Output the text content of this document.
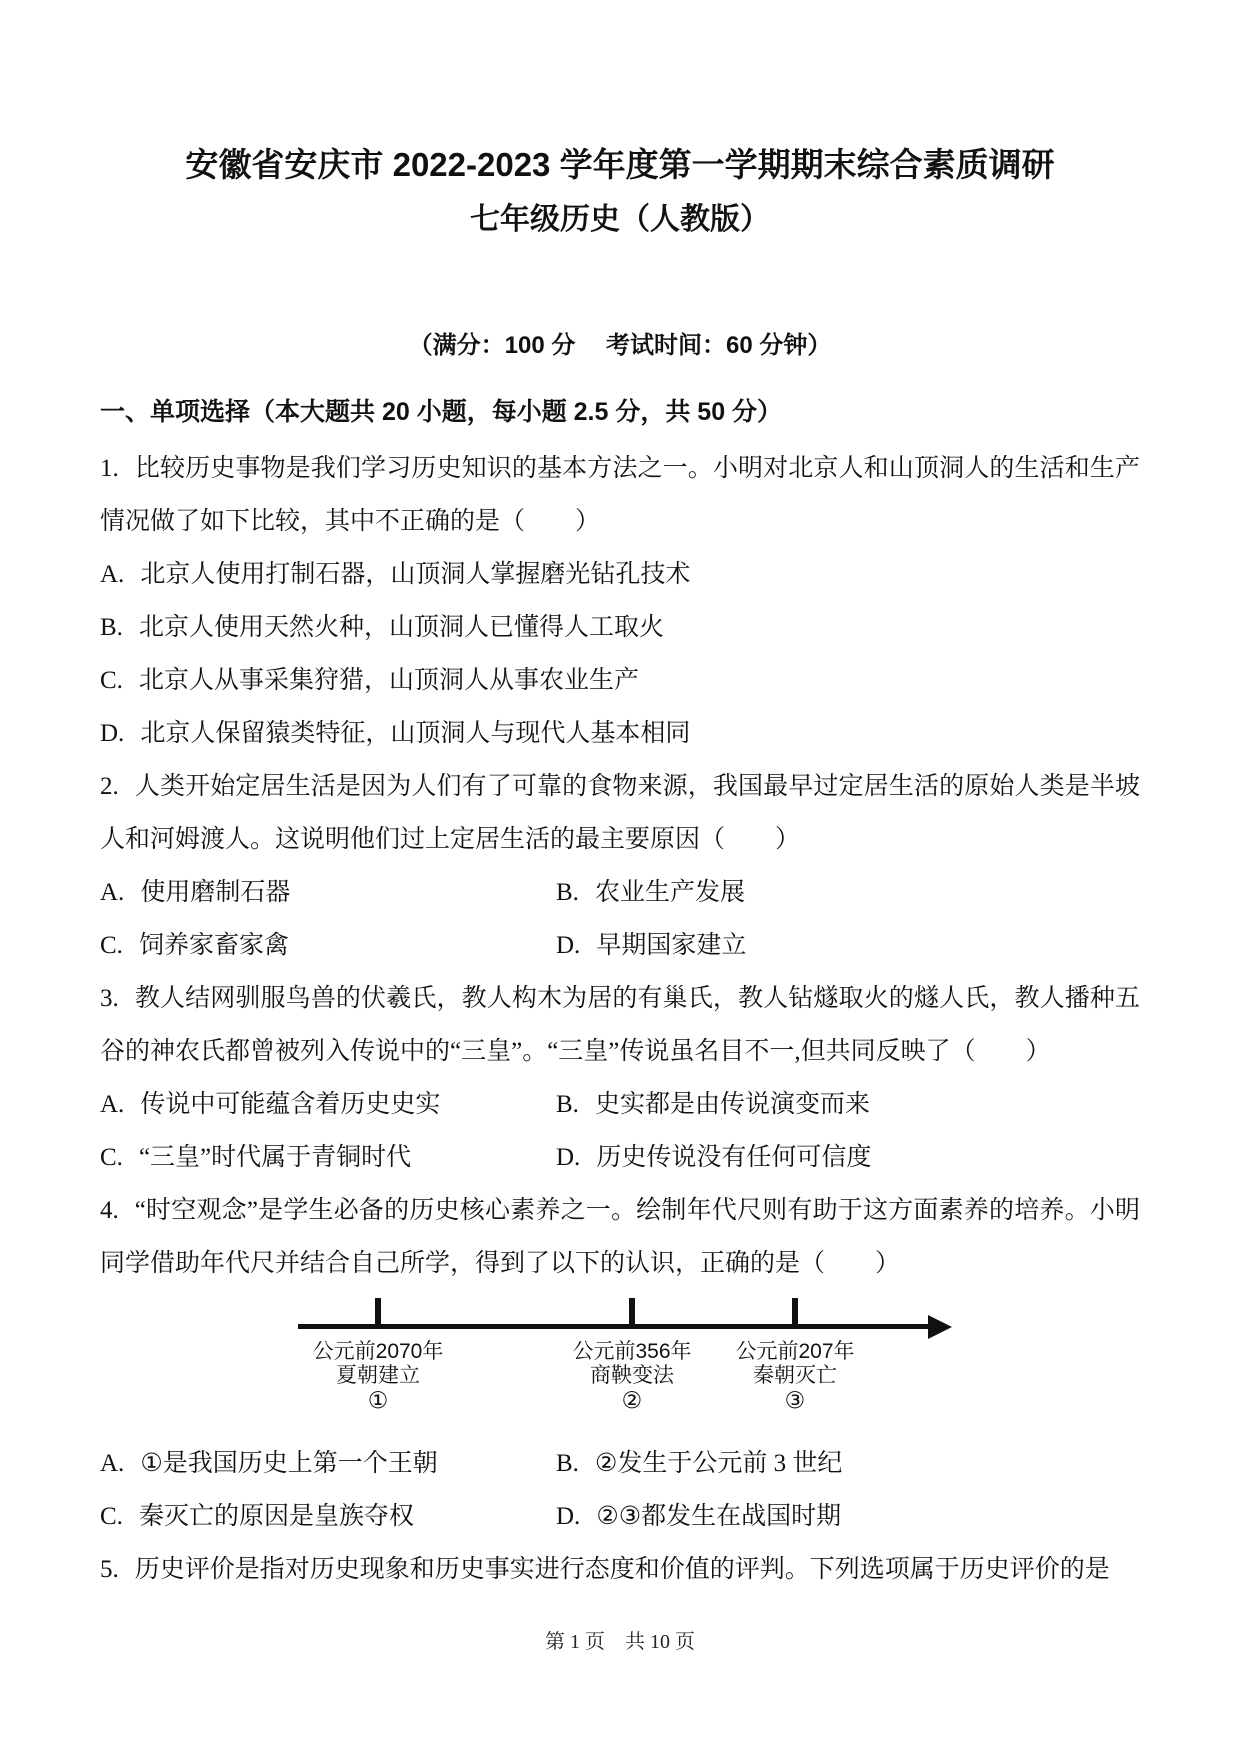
安徽省安庆市 2022-2023 学年度第一学期期末综合素质调研
七年级历史（人教版）

（满分：100 分　 考试时间：60 分钟）

一、单项选择（本大题共 20 小题，每小题 2.5 分，共 50 分）

1. 比较历史事物是我们学习历史知识的基本方法之一。小明对北京人和山顶洞人的生活和生产情况做了如下比较，其中不正确的是（　　）

A. 北京人使用打制石器，山顶洞人掌握磨光钻孔技术
B. 北京人使用天然火种，山顶洞人已懂得人工取火
C. 北京人从事采集狩猎，山顶洞人从事农业生产
D. 北京人保留猿类特征，山顶洞人与现代人基本相同

2. 人类开始定居生活是因为人们有了可靠的食物来源，我国最早过定居生活的原始人类是半坡人和河姆渡人。这说明他们过上定居生活的最主要原因（　　）

A. 使用磨制石器	B. 农业生产发展
C. 饲养家畜家禽	D. 早期国家建立

3. 教人结网驯服鸟兽的伏羲氏，教人构木为居的有巢氏，教人钻燧取火的燧人氏，教人播种五谷的神农氏都曾被列入传说中的“三皇”。“三皇”传说虽名目不一,但共同反映了（　　）

A. 传说中可能蕴含着历史史实	B. 史实都是由传说演变而来
C. “三皇”时代属于青铜时代	D. 历史传说没有任何可信度

4. “时空观念”是学生必备的历史核心素养之一。绘制年代尺则有助于这方面素养的培养。小明同学借助年代尺并结合自己所学，得到了以下的认识，正确的是（　　）

公元前2070年
夏朝建立
①
公元前356年
商鞅变法
②
公元前207年
秦朝灭亡
③
A. ①是我国历史上第一个王朝	B. ②发生于公元前 3 世纪
C. 秦灭亡的原因是皇族夺权	D. ②③都发生在战国时期

5. 历史评价是指对历史现象和历史事实进行态度和价值的评判。下列选项属于历史评价的是

第 1 页　共 10 页
